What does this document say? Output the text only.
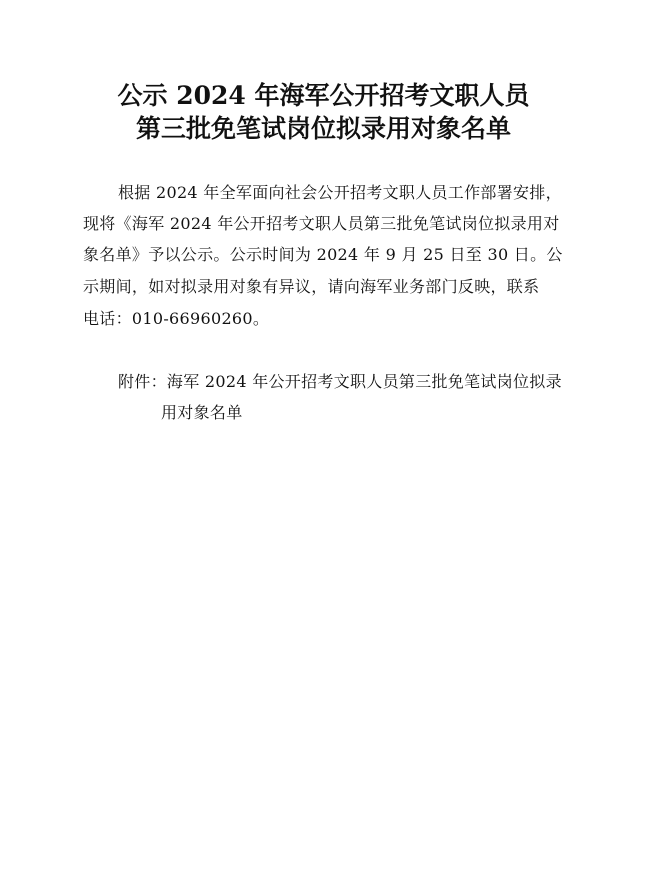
公示 2024 年海军公开招考文职人员
第三批免笔试岗位拟录用对象名单
根据 2024 年全军面向社会公开招考文职人员工作部署安排，
现将《海军 2024 年公开招考文职人员第三批免笔试岗位拟录用对
象名单》予以公示。公示时间为 2024 年 9 月 25 日至 30 日。公
示期间，如对拟录用对象有异议，请向海军业务部门反映，联系
电话：010-66960260。
附件：海军 2024 年公开招考文职人员第三批免笔试岗位拟录
用对象名单
